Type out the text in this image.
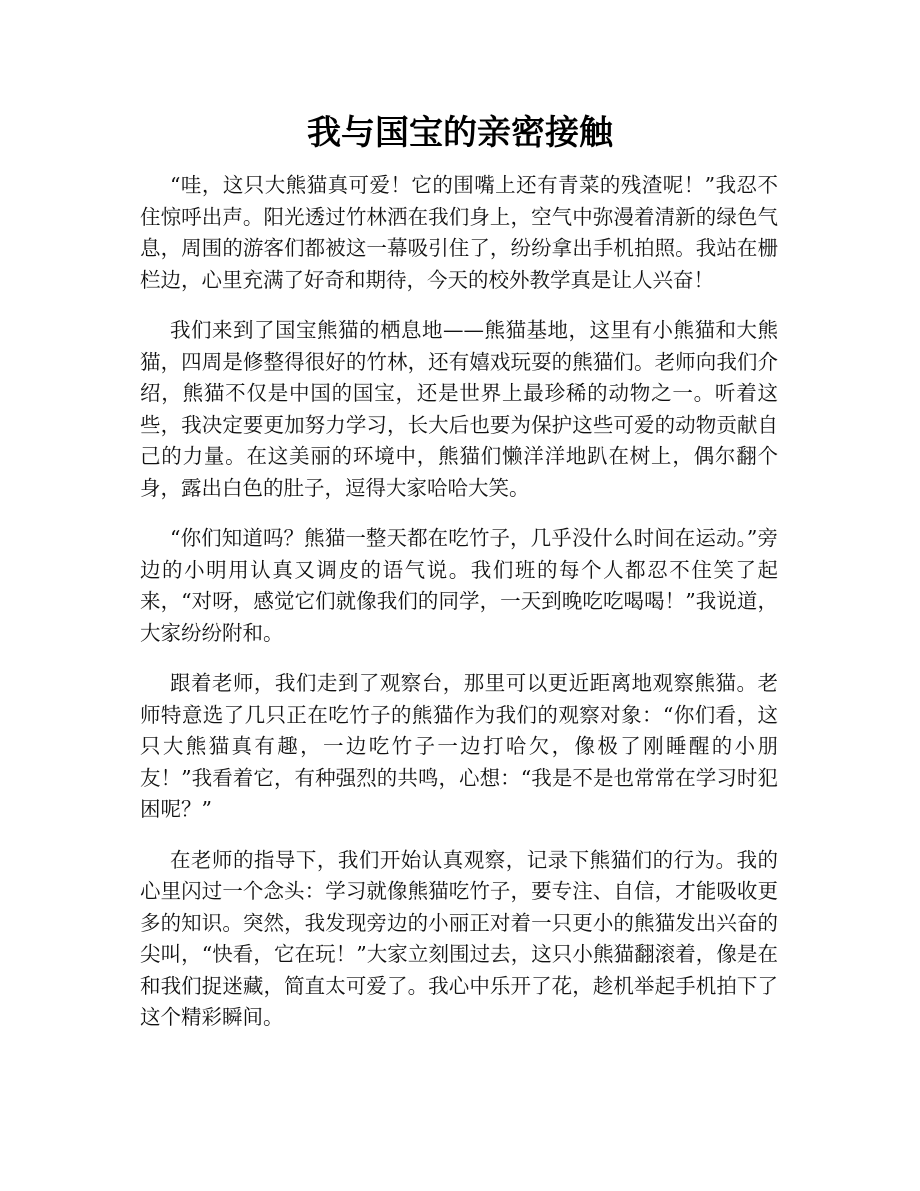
我与国宝的亲密接触

“哇，这只大熊猫真可爱！它的围嘴上还有青菜的残渣呢！”我忍不住惊呼出声。阳光透过竹林洒在我们身上，空气中弥漫着清新的绿色气息，周围的游客们都被这一幕吸引住了，纷纷拿出手机拍照。我站在栅栏边，心里充满了好奇和期待，今天的校外教学真是让人兴奋！

我们来到了国宝熊猫的栖息地——熊猫基地，这里有小熊猫和大熊猫，四周是修整得很好的竹林，还有嬉戏玩耍的熊猫们。老师向我们介绍，熊猫不仅是中国的国宝，还是世界上最珍稀的动物之一。听着这些，我决定要更加努力学习，长大后也要为保护这些可爱的动物贡献自己的力量。在这美丽的环境中，熊猫们懒洋洋地趴在树上，偶尔翻个身，露出白色的肚子，逗得大家哈哈大笑。

“你们知道吗？熊猫一整天都在吃竹子，几乎没什么时间在运动。”旁边的小明用认真又调皮的语气说。我们班的每个人都忍不住笑了起来，“对呀，感觉它们就像我们的同学，一天到晚吃吃喝喝！”我说道，大家纷纷附和。

跟着老师，我们走到了观察台，那里可以更近距离地观察熊猫。老师特意选了几只正在吃竹子的熊猫作为我们的观察对象：“你们看，这只大熊猫真有趣，一边吃竹子一边打哈欠，像极了刚睡醒的小朋友！”我看着它，有种强烈的共鸣，心想：“我是不是也常常在学习时犯困呢？”

在老师的指导下，我们开始认真观察，记录下熊猫们的行为。我的心里闪过一个念头：学习就像熊猫吃竹子，要专注、自信，才能吸收更多的知识。突然，我发现旁边的小丽正对着一只更小的熊猫发出兴奋的尖叫，“快看，它在玩！”大家立刻围过去，这只小熊猫翻滚着，像是在和我们捉迷藏，简直太可爱了。我心中乐开了花，趁机举起手机拍下了这个精彩瞬间。
